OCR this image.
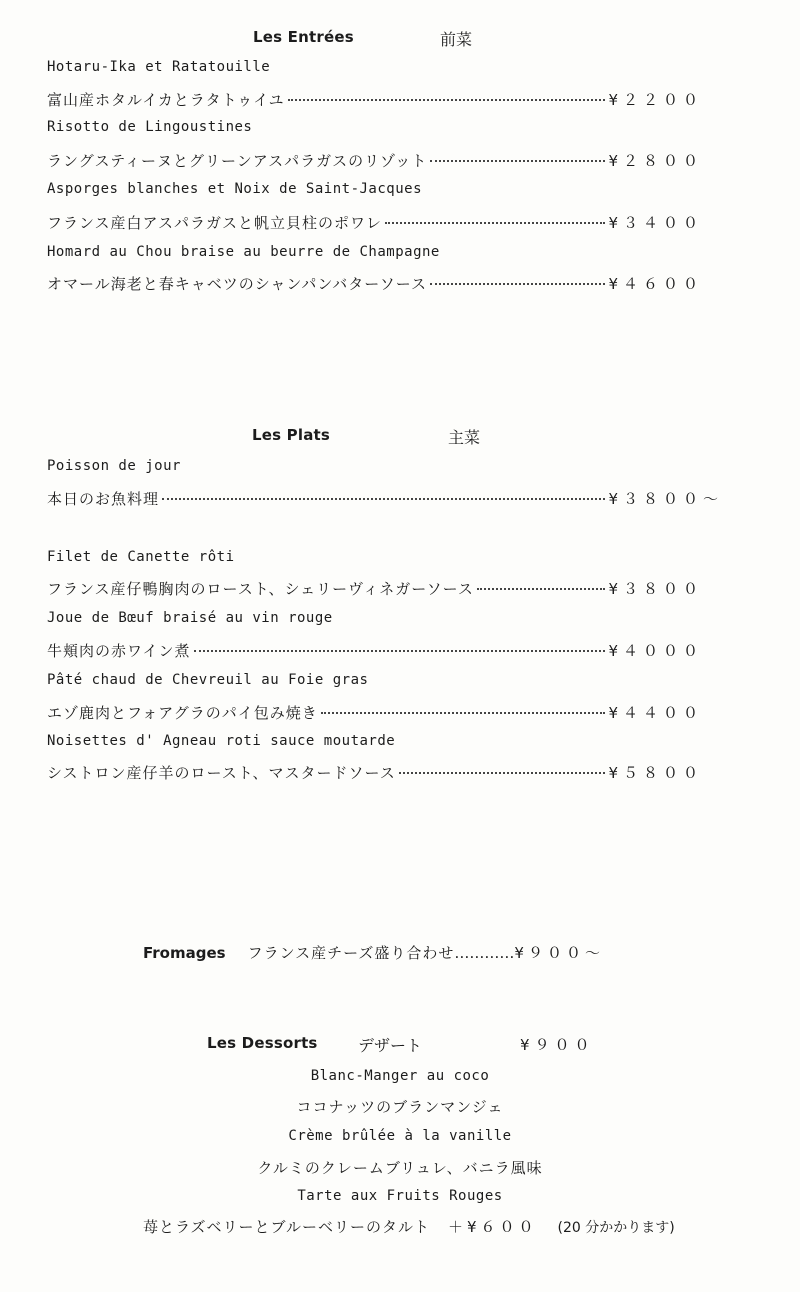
Les Entrées	前菜
Hotaru-Ika et Ratatouille
富山産ホタルイカとラタトゥイユ	¥２２００
Risotto de Lingoustines
ラングスティーヌとグリーンアスパラガスのリゾット	¥２８００
Asporges blanches et Noix de Saint-Jacques
フランス産白アスパラガスと帆立貝柱のポワレ	¥３４００
Homard au Chou braise au beurre de Champagne
オマール海老と春キャベツのシャンパンバターソース	¥４６００
Les Plats	主菜
Poisson de jour
本日のお魚料理	¥３８００～
Filet de Canette rôti
フランス産仔鴨胸肉のロースト、シェリーヴィネガーソース	¥３８００
Joue de Bœuf braisé au vin rouge
牛頬肉の赤ワイン煮	¥４０００
Pâté chaud de Chevreuil au Foie gras
エゾ鹿肉とフォアグラのパイ包み焼き	¥４４００
Noisettes d' Agneau roti sauce moutarde
シストロン産仔羊のロースト、マスタードソース	¥５８００
Fromages フランス産チーズ盛り合わせ…………¥９００～
Les Dessorts	デザート	¥９００
Blanc-Manger au coco
ココナッツのブランマンジェ
Crème brûlée à la vanille
クルミのクレームブリュレ、バニラ風味
Tarte aux Fruits Rouges
苺とラズベリーとブルーベリーのタルト ＋¥６００ (20 分かかります)
